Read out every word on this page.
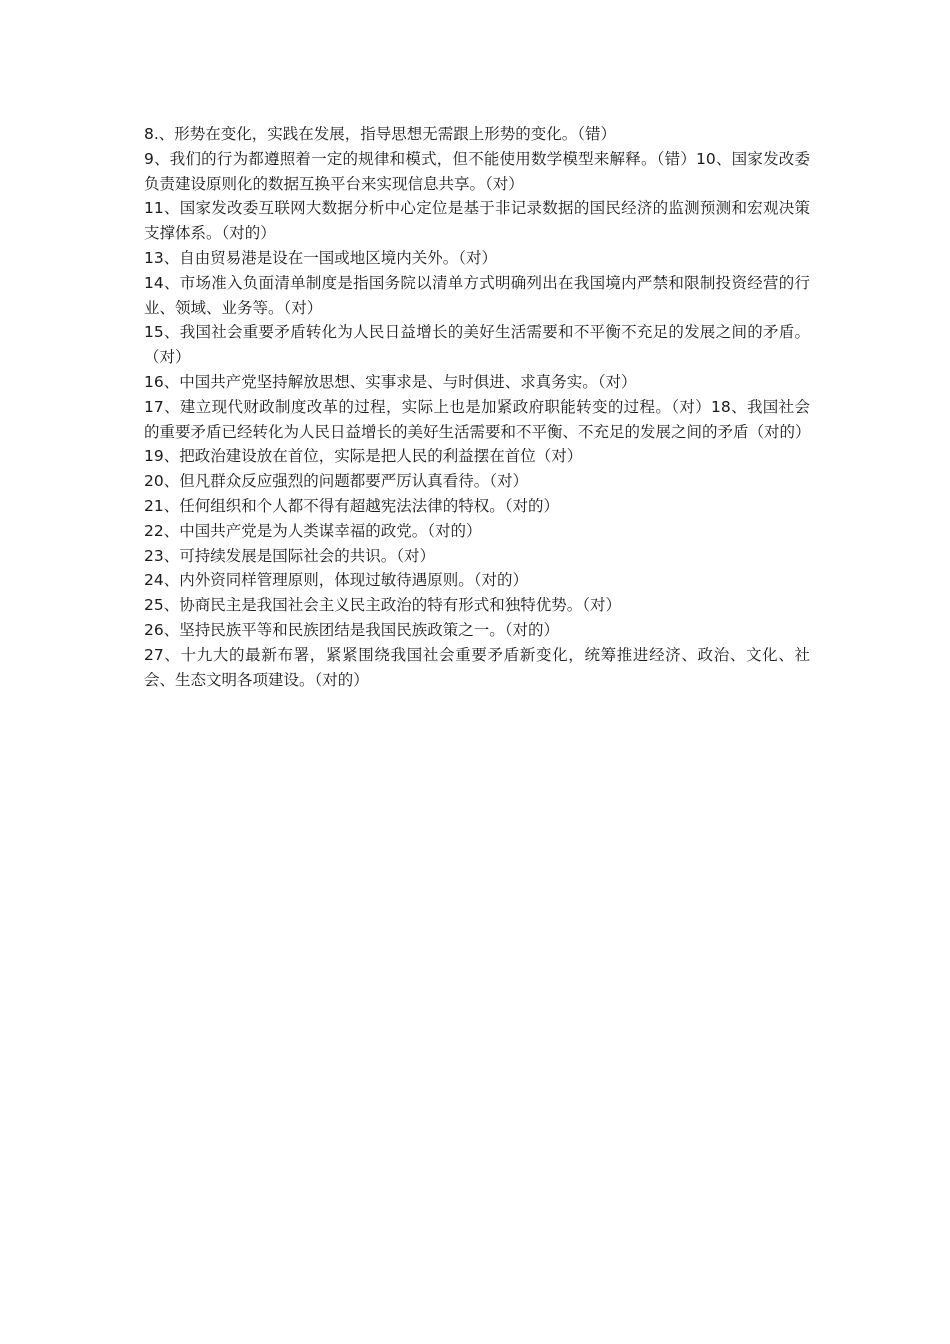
8.、形势在变化，实践在发展，指导思想无需跟上形势的变化。（错）

9、我们的行为都遵照着一定的规律和模式，但不能使用数学模型来解释。（错）10、国家发改委负责建设原则化的数据互换平台来实现信息共享。（对）

11、国家发改委互联网大数据分析中心定位是基于非记录数据的国民经济的监测预测和宏观决策支撑体系。（对的）

13、自由贸易港是设在一国或地区境内关外。（对）

14、市场准入负面清单制度是指国务院以清单方式明确列出在我国境内严禁和限制投资经营的行业、领域、业务等。（对）

15、我国社会重要矛盾转化为人民日益增长的美好生活需要和不平衡不充足的发展之间的矛盾。（对）

16、中国共产党坚持解放思想、实事求是、与时俱进、求真务实。（对）

17、建立现代财政制度改革的过程，实际上也是加紧政府职能转变的过程。（对）18、我国社会的重要矛盾已经转化为人民日益增长的美好生活需要和不平衡、不充足的发展之间的矛盾（对的）

19、把政治建设放在首位，实际是把人民的利益摆在首位（对）

20、但凡群众反应强烈的问题都要严厉认真看待。（对）

21、任何组织和个人都不得有超越宪法法律的特权。（对的）

22、中国共产党是为人类谋幸福的政党。（对的）

23、可持续发展是国际社会的共识。（对）

24、内外资同样管理原则，体现过敏待遇原则。（对的）

25、协商民主是我国社会主义民主政治的特有形式和独特优势。（对）

26、坚持民族平等和民族团结是我国民族政策之一。（对的）

27、十九大的最新布署，紧紧围绕我国社会重要矛盾新变化，统筹推进经济、政治、文化、社会、生态文明各项建设。（对的）
